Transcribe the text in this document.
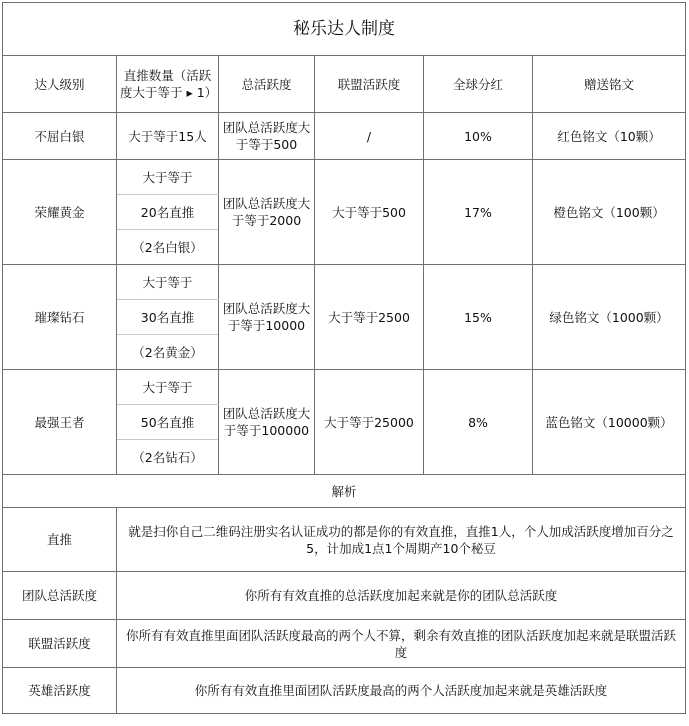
秘乐达人制度					
达人级别	直推数量（活跃度大于等于 ▸ 1）	总活跃度	联盟活跃度	全球分红	赠送铭文
不屈白银	大于等于15人	团队总活跃度大于等于500	/	10%	红色铭文（10颗）
荣耀黄金	大于等于	团队总活跃度大于等于2000	大于等于500	17%	橙色铭文（100颗）
	20名直推				
	（2名白银）				
璀璨钻石	大于等于	团队总活跃度大于等于10000	大于等于2500	15%	绿色铭文（1000颗）
	30名直推				
	（2名黄金）				
最强王者	大于等于	团队总活跃度大于等于100000	大于等于25000	8%	蓝色铭文（10000颗）
	50名直推				
	（2名钻石）				
解析					
直推	就是扫你自己二维码注册实名认证成功的都是你的有效直推，直推1人，个人加成活跃度增加百分之5，计加成1点1个周期产10个秘豆				
团队总活跃度	你所有有效直推的总活跃度加起来就是你的团队总活跃度				
联盟活跃度	你所有有效直推里面团队活跃度最高的两个人不算，剩余有效直推的团队活跃度加起来就是联盟活跃度				
英雄活跃度	你所有有效直推里面团队活跃度最高的两个人活跃度加起来就是英雄活跃度				
